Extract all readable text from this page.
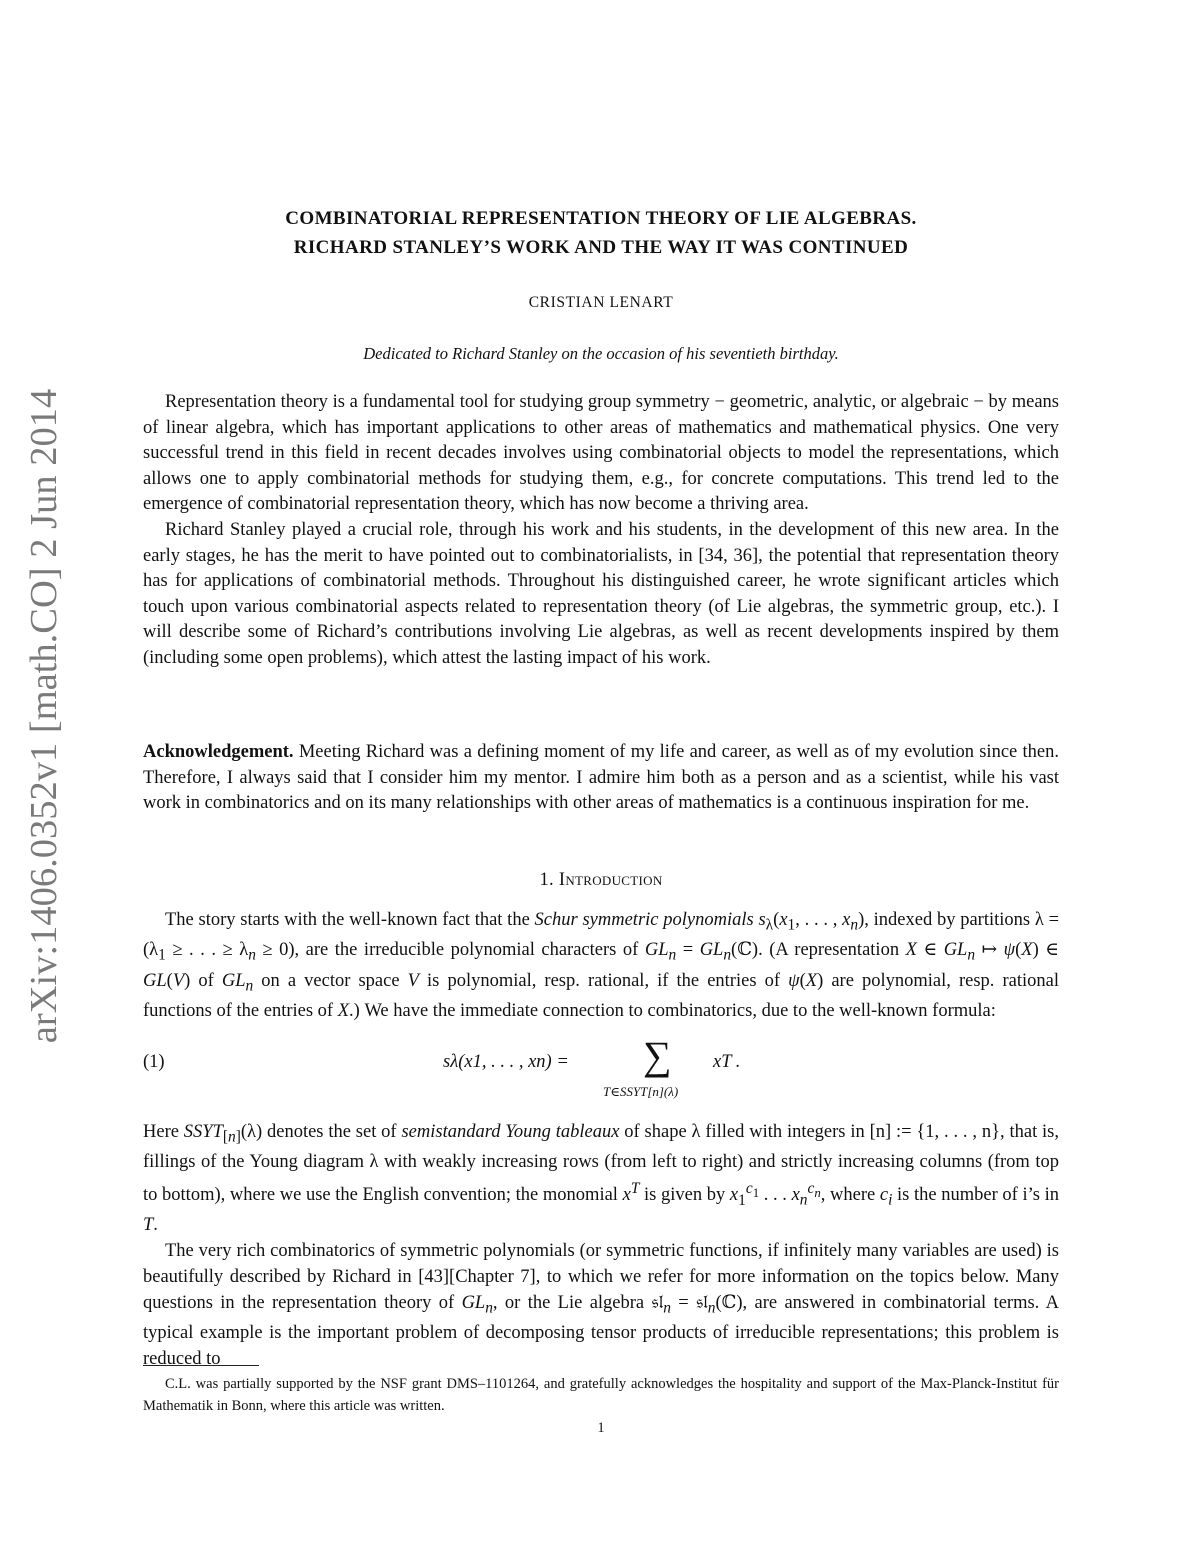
arXiv:1406.0352v1 [math.CO] 2 Jun 2014
COMBINATORIAL REPRESENTATION THEORY OF LIE ALGEBRAS.
RICHARD STANLEY’S WORK AND THE WAY IT WAS CONTINUED
CRISTIAN LENART
Dedicated to Richard Stanley on the occasion of his seventieth birthday.

Representation theory is a fundamental tool for studying group symmetry − geometric, analytic, or algebraic − by means of linear algebra, which has important applications to other areas of mathematics and mathematical physics. One very successful trend in this field in recent decades involves using combinatorial objects to model the representations, which allows one to apply combinatorial methods for studying them, e.g., for concrete computations. This trend led to the emergence of combinatorial representation theory, which has now become a thriving area.

Richard Stanley played a crucial role, through his work and his students, in the development of this new area. In the early stages, he has the merit to have pointed out to combinatorialists, in [34, 36], the potential that representation theory has for applications of combinatorial methods. Throughout his distinguished career, he wrote significant articles which touch upon various combinatorial aspects related to representation theory (of Lie algebras, the symmetric group, etc.). I will describe some of Richard’s contributions involving Lie algebras, as well as recent developments inspired by them (including some open problems), which attest the lasting impact of his work.

Acknowledgement. Meeting Richard was a defining moment of my life and career, as well as of my evolution since then. Therefore, I always said that I consider him my mentor. I admire him both as a person and as a scientist, while his vast work in combinatorics and on its many relationships with other areas of mathematics is a continuous inspiration for me.

1. Introduction

The story starts with the well-known fact that the Schur symmetric polynomials $s_\lambda(x_1$, . . . , $x_n$), indexed by partitions $\lambda = (\lambda_1$ ≥ . . . ≥ $\lambda_n \ge 0$), are the irreducible polynomial characters of $GL_n$ = $GL_n(ℂ)$. (A representation X ∈ $GL_n$ ↦ ψ(X) ∈ GL(V) of $GL_n$ on a vector space V is polynomial, resp. rational, if the entries of ψ(X) are polynomial, resp. rational functions of the entries of X.) We have the immediate connection to combinatorics, due to the well-known formula:

(1)	sλ(x1, . . . , xn) = ∑
T∈SSYT[n](λ)
xT .

Here $SSYT_{[n]}(\lambda)$ denotes the set of semistandard Young tableaux of shape λ filled with integers in [n] := {1, . . . , n}, that is, fillings of the Young diagram λ with weakly increasing rows (from left to right) and strictly increasing columns (from top to bottom), where we use the English convention; the monomial $x^T$ is given by $x_1^{c_1}$ . . . $x_n^{c_n}$, where $c_i$ is the number of i’s in T.

The very rich combinatorics of symmetric polynomials (or symmetric functions, if infinitely many variables are used) is beautifully described by Richard in [43][Chapter 7], to which we refer for more information on the topics below. Many questions in the representation theory of $GL_n$, or the Lie algebra 𝔰𝔩$_n$ = 𝔰𝔩$_n$(ℂ), are answered in combinatorial terms. A typical example is the important problem of decomposing tensor products of irreducible representations; this problem is reduced to

C.L. was partially supported by the NSF grant DMS–1101264, and gratefully acknowledges the hospitality and support of the Max-Planck-Institut für Mathematik in Bonn, where this article was written.

1
